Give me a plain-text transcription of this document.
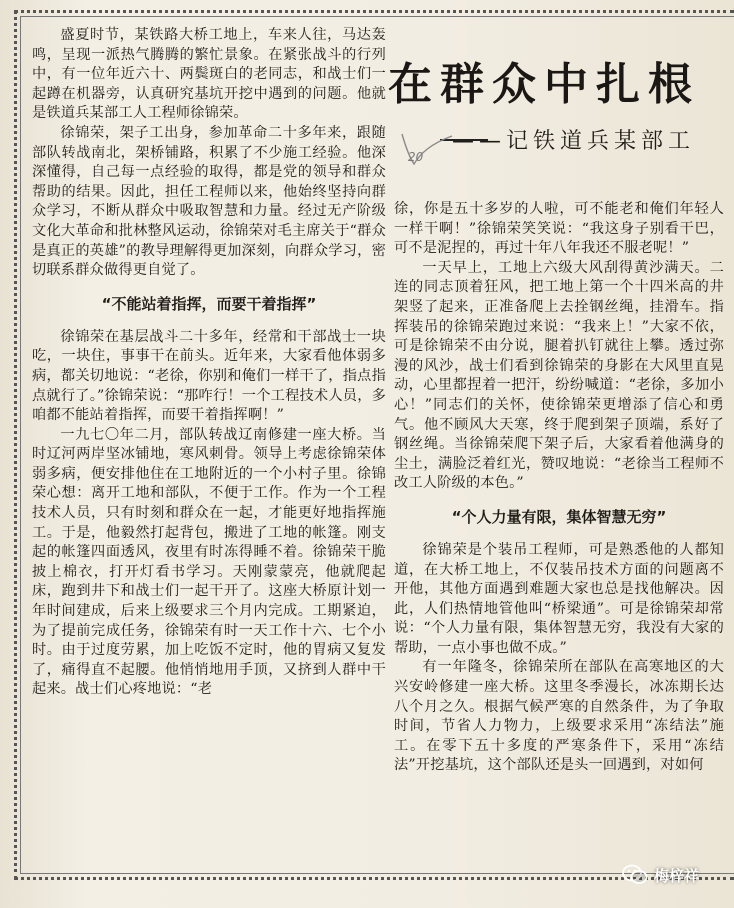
在群众中扎根
——记铁道兵某部工
20

盛夏时节，某铁路大桥工地上，车来人往，马达轰鸣，呈现一派热气腾腾的繁忙景象。在紧张战斗的行列中，有一位年近六十、两鬓斑白的老同志，和战士们一起蹲在机器旁，认真研究基坑开挖中遇到的问题。他就是铁道兵某部工人工程师徐锦荣。

徐锦荣，架子工出身，参加革命二十多年来，跟随部队转战南北，架桥铺路，积累了不少施工经验。他深深懂得，自己每一点经验的取得，都是党的领导和群众帮助的结果。因此，担任工程师以来，他始终坚持向群众学习，不断从群众中吸取智慧和力量。经过无产阶级文化大革命和批林整风运动，徐锦荣对毛主席关于“群众是真正的英雄”的教导理解得更加深刻，向群众学习，密切联系群众做得更自觉了。

“不能站着指挥，而要干着指挥”

徐锦荣在基层战斗二十多年，经常和干部战士一块吃，一块住，事事干在前头。近年来，大家看他体弱多病，都关切地说：“老徐，你别和俺们一样干了，指点指点就行了。”徐锦荣说：“那咋行！一个工程技术人员，多咱都不能站着指挥，而要干着指挥啊！”

一九七〇年二月，部队转战辽南修建一座大桥。当时辽河两岸坚冰铺地，寒风刺骨。领导上考虑徐锦荣体弱多病，便安排他住在工地附近的一个小村子里。徐锦荣心想：离开工地和部队，不便于工作。作为一个工程技术人员，只有时刻和群众在一起，才能更好地指挥施工。于是，他毅然打起背包，搬进了工地的帐篷。刚支起的帐篷四面透风，夜里有时冻得睡不着。徐锦荣干脆披上棉衣，打开灯看书学习。天刚蒙蒙亮，他就爬起床，跑到井下和战士们一起干开了。这座大桥原计划一年时间建成，后来上级要求三个月内完成。工期紧迫，为了提前完成任务，徐锦荣有时一天工作十六、七个小时。由于过度劳累，加上吃饭不定时，他的胃病又复发了，痛得直不起腰。他悄悄地用手顶，又挤到人群中干起来。战士们心疼地说：“老

徐，你是五十多岁的人啦，可不能老和俺们年轻人一样干啊！”徐锦荣笑笑说：“我这身子别看干巴，可不是泥捏的，再过十年八年我还不服老呢！”

一天早上，工地上六级大风刮得黄沙满天。二连的同志顶着狂风，把工地上第一个十四米高的井架竖了起来，正准备爬上去拴钢丝绳，挂滑车。指挥装吊的徐锦荣跑过来说：“我来上！”大家不依，可是徐锦荣不由分说，腿着扒钉就往上攀。透过弥漫的风沙，战士们看到徐锦荣的身影在大风里直晃动，心里都捏着一把汗，纷纷喊道：“老徐，多加小心！”同志们的关怀，使徐锦荣更增添了信心和勇气。他不顾风大天寒，终于爬到架子顶端，系好了钢丝绳。当徐锦荣爬下架子后，大家看着他满身的尘土，满脸泛着红光，赞叹地说：“老徐当工程师不改工人阶级的本色。”

“个人力量有限，集体智慧无穷”

徐锦荣是个装吊工程师，可是熟悉他的人都知道，在大桥工地上，不仅装吊技术方面的问题离不开他，其他方面遇到难题大家也总是找他解决。因此，人们热情地管他叫“桥梁通”。可是徐锦荣却常说：“个人力量有限，集体智慧无穷，我没有大家的帮助，一点小事也做不成。”

有一年隆冬，徐锦荣所在部队在高寒地区的大兴安岭修建一座大桥。这里冬季漫长，冰冻期长达八个月之久。根据气候严寒的自然条件，为了争取时间，节省人力物力，上级要求采用“冻结法”施工。在零下五十多度的严寒条件下，采用“冻结法”开挖基坑，这个部队还是头一回遇到，对如何

梅梓祥
